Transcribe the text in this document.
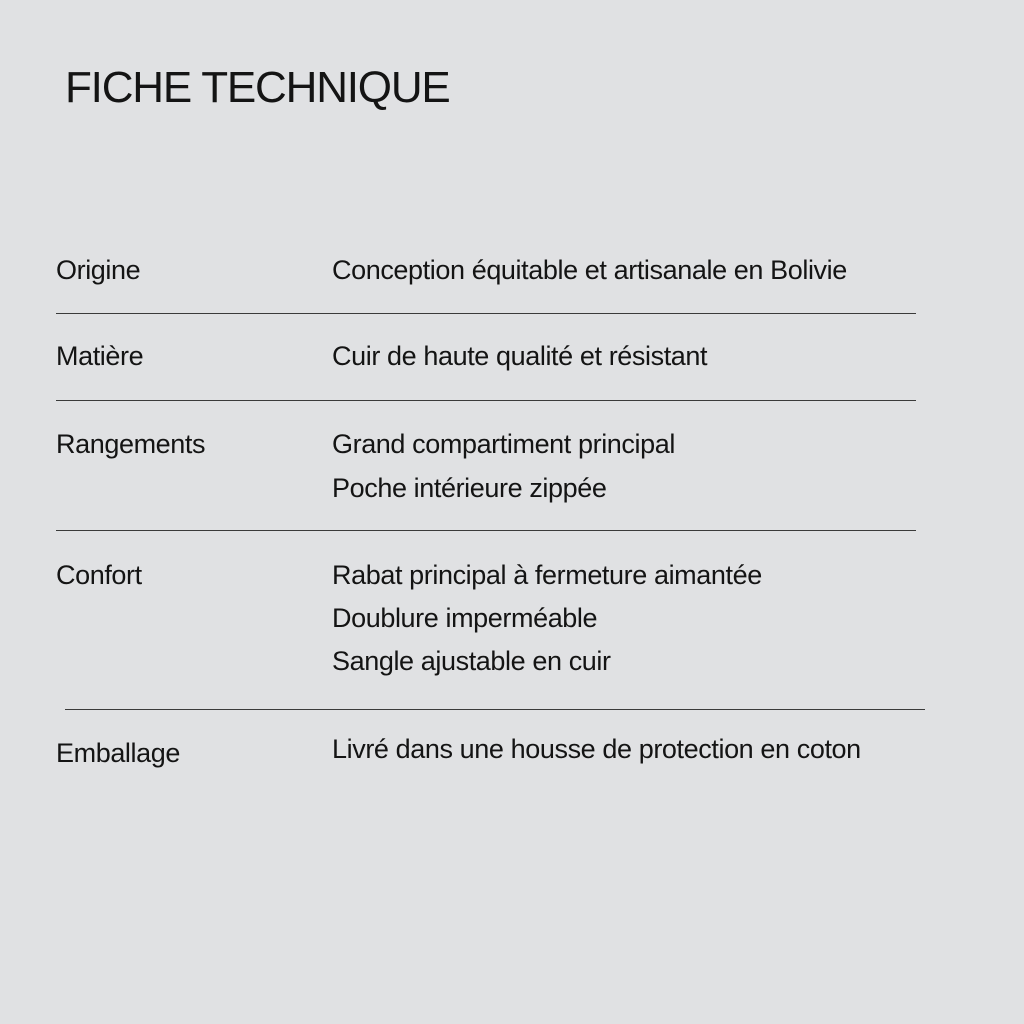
FICHE TECHNIQUE
Origine	Conception équitable et artisanale en Bolivie
Matière	Cuir de haute qualité et résistant
Rangements	Grand compartiment principal
Poche intérieure zippée
Confort	Rabat principal à fermeture aimantée
Doublure imperméable
Sangle ajustable en cuir
Emballage	Livré dans une housse de protection en coton
